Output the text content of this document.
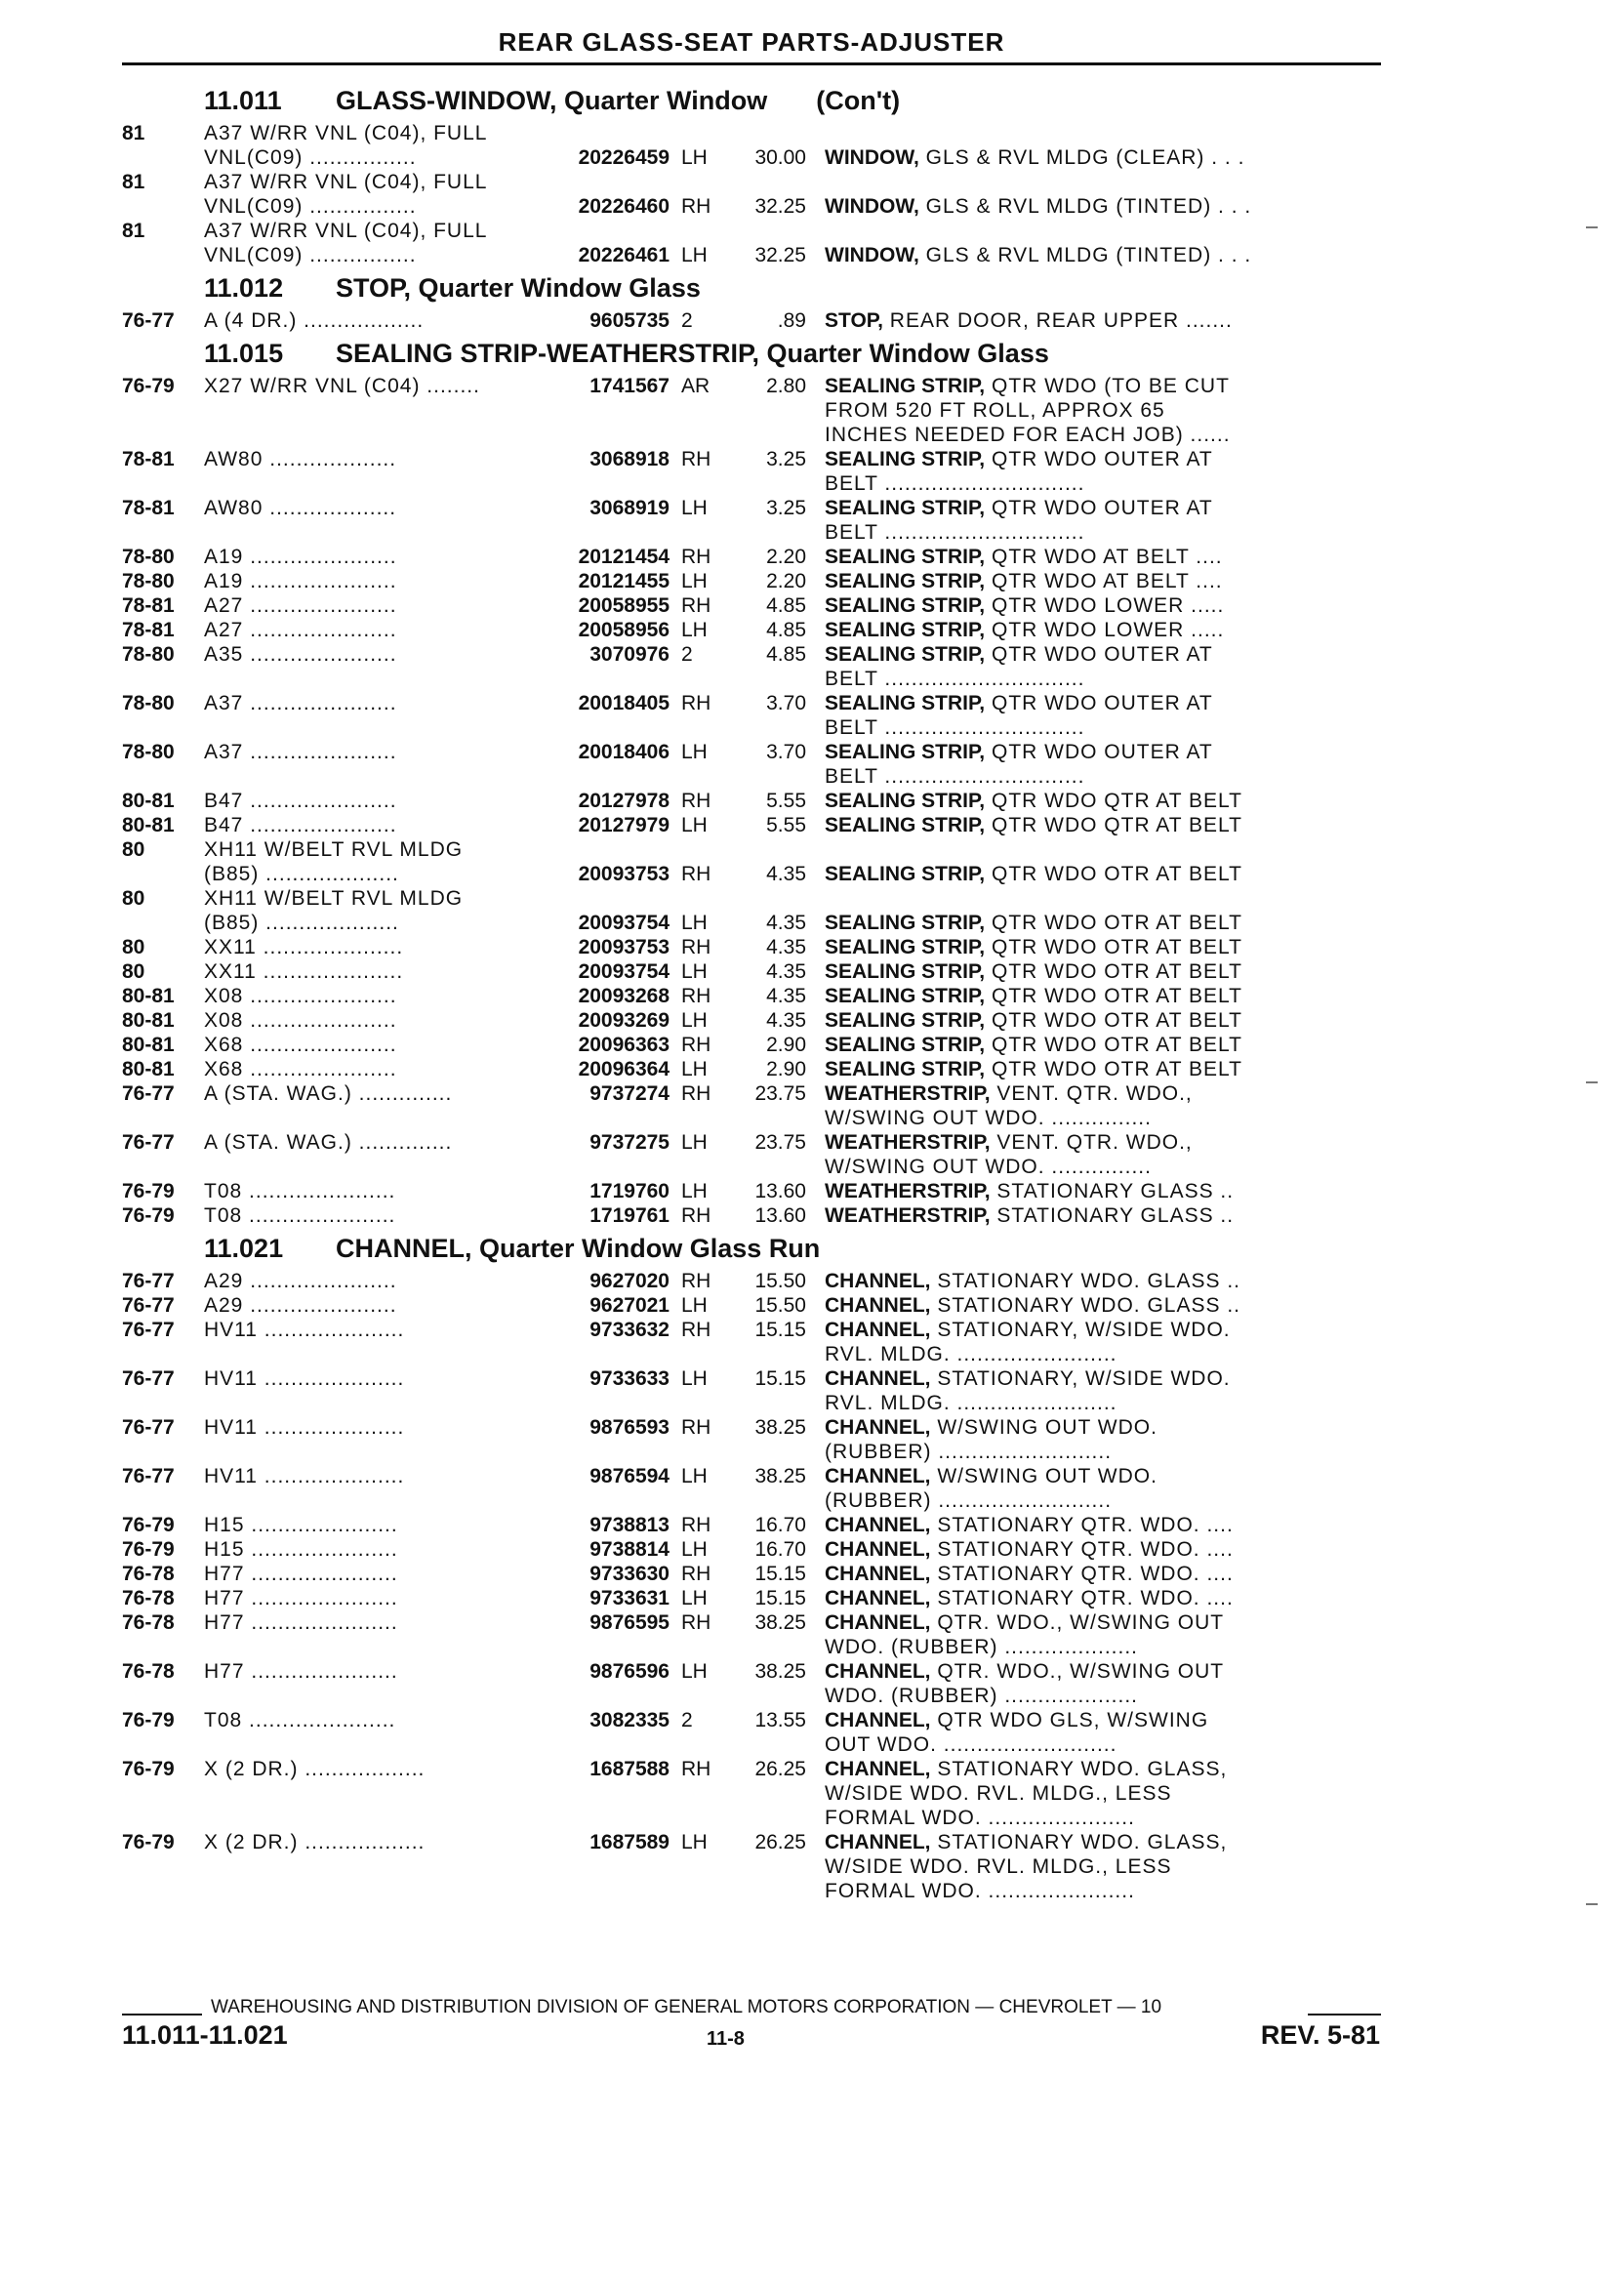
REAR GLASS-SEAT PARTS-ADJUSTER
11.011	GLASS-WINDOW, Quarter Window (Con't)
81	A37 W/RR VNL (C04), FULL
VNL(C09) ................	20226459 LH	30.00 WINDOW, GLS & RVL MLDG (CLEAR) . . .
81	A37 W/RR VNL (C04), FULL
VNL(C09) ................	20226460 RH	32.25 WINDOW, GLS & RVL MLDG (TINTED) . . .
81	A37 W/RR VNL (C04), FULL
VNL(C09) ................	20226461 LH	32.25 WINDOW, GLS & RVL MLDG (TINTED) . . .
11.012	STOP, Quarter Window Glass
76-77	A (4 DR.) ..................	9605735 2	.89 STOP, REAR DOOR, REAR UPPER .......
11.015	SEALING STRIP-WEATHERSTRIP, Quarter Window Glass
76-79	X27 W/RR VNL (C04) ........	1741567 AR	2.80 SEALING STRIP, QTR WDO (TO BE CUT
FROM 520 FT ROLL, APPROX 65
INCHES NEEDED FOR EACH JOB) ......
78-81	AW80 ...................	3068918 RH	3.25 SEALING STRIP, QTR WDO OUTER AT
BELT ..............................
78-81	AW80 ...................	3068919 LH	3.25 SEALING STRIP, QTR WDO OUTER AT
BELT ..............................
78-80	A19 ......................	20121454 RH	2.20 SEALING STRIP, QTR WDO AT BELT ....
78-80	A19 ......................	20121455 LH	2.20 SEALING STRIP, QTR WDO AT BELT ....
78-81	A27 ......................	20058955 RH	4.85 SEALING STRIP, QTR WDO LOWER .....
78-81	A27 ......................	20058956 LH	4.85 SEALING STRIP, QTR WDO LOWER .....
78-80	A35 ......................	3070976 2	4.85 SEALING STRIP, QTR WDO OUTER AT
BELT ..............................
78-80	A37 ......................	20018405 RH	3.70 SEALING STRIP, QTR WDO OUTER AT
BELT ..............................
78-80	A37 ......................	20018406 LH	3.70 SEALING STRIP, QTR WDO OUTER AT
BELT ..............................
80-81	B47 ......................	20127978 RH	5.55 SEALING STRIP, QTR WDO QTR AT BELT
80-81	B47 ......................	20127979 LH	5.55 SEALING STRIP, QTR WDO QTR AT BELT
80	XH11 W/BELT RVL MLDG
(B85) ....................	20093753 RH	4.35 SEALING STRIP, QTR WDO OTR AT BELT
80	XH11 W/BELT RVL MLDG
(B85) ....................	20093754 LH	4.35 SEALING STRIP, QTR WDO OTR AT BELT
80	XX11 .....................	20093753 RH	4.35 SEALING STRIP, QTR WDO OTR AT BELT
80	XX11 .....................	20093754 LH	4.35 SEALING STRIP, QTR WDO OTR AT BELT
80-81	X08 ......................	20093268 RH	4.35 SEALING STRIP, QTR WDO OTR AT BELT
80-81	X08 ......................	20093269 LH	4.35 SEALING STRIP, QTR WDO OTR AT BELT
80-81	X68 ......................	20096363 RH	2.90 SEALING STRIP, QTR WDO OTR AT BELT
80-81	X68 ......................	20096364 LH	2.90 SEALING STRIP, QTR WDO OTR AT BELT
76-77	A (STA. WAG.) ..............	9737274 RH	23.75 WEATHERSTRIP, VENT. QTR. WDO.,
W/SWING OUT WDO. ...............
76-77	A (STA. WAG.) ..............	9737275 LH	23.75 WEATHERSTRIP, VENT. QTR. WDO.,
W/SWING OUT WDO. ...............
76-79	T08 ......................	1719760 LH	13.60 WEATHERSTRIP, STATIONARY GLASS ..
76-79	T08 ......................	1719761 RH	13.60 WEATHERSTRIP, STATIONARY GLASS ..
11.021	CHANNEL, Quarter Window Glass Run
76-77	A29 ......................	9627020 RH	15.50 CHANNEL, STATIONARY WDO. GLASS ..
76-77	A29 ......................	9627021 LH	15.50 CHANNEL, STATIONARY WDO. GLASS ..
76-77	HV11 .....................	9733632 RH	15.15 CHANNEL, STATIONARY, W/SIDE WDO.
RVL. MLDG. ........................
76-77	HV11 .....................	9733633 LH	15.15 CHANNEL, STATIONARY, W/SIDE WDO.
RVL. MLDG. ........................
76-77	HV11 .....................	9876593 RH	38.25 CHANNEL, W/SWING OUT WDO.
(RUBBER) ..........................
76-77	HV11 .....................	9876594 LH	38.25 CHANNEL, W/SWING OUT WDO.
(RUBBER) ..........................
76-79	H15 ......................	9738813 RH	16.70 CHANNEL, STATIONARY QTR. WDO. ....
76-79	H15 ......................	9738814 LH	16.70 CHANNEL, STATIONARY QTR. WDO. ....
76-78	H77 ......................	9733630 RH	15.15 CHANNEL, STATIONARY QTR. WDO. ....
76-78	H77 ......................	9733631 LH	15.15 CHANNEL, STATIONARY QTR. WDO. ....
76-78	H77 ......................	9876595 RH	38.25 CHANNEL, QTR. WDO., W/SWING OUT
WDO. (RUBBER) ....................
76-78	H77 ......................	9876596 LH	38.25 CHANNEL, QTR. WDO., W/SWING OUT
WDO. (RUBBER) ....................
76-79	T08 ......................	3082335 2	13.55 CHANNEL, QTR WDO GLS, W/SWING
OUT WDO. ..........................
76-79	X (2 DR.) ..................	1687588 RH	26.25 CHANNEL, STATIONARY WDO. GLASS,
W/SIDE WDO. RVL. MLDG., LESS
FORMAL WDO. ......................
76-79	X (2 DR.) ..................	1687589 LH	26.25 CHANNEL, STATIONARY WDO. GLASS,
W/SIDE WDO. RVL. MLDG., LESS
FORMAL WDO. ......................
WAREHOUSING AND DISTRIBUTION DIVISION OF GENERAL MOTORS CORPORATION — CHEVROLET — 10
11.011-11.021	11-8	REV. 5-81
